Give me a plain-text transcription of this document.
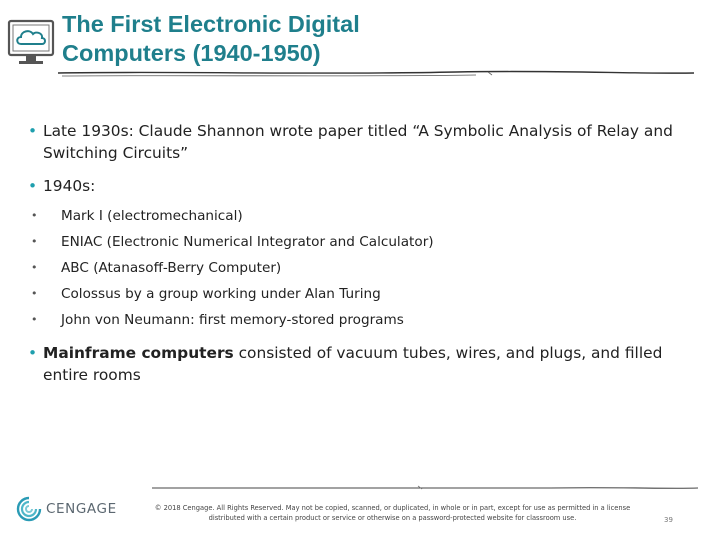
The First Electronic Digital
Computers (1940-1950)
• Late 1930s: Claude Shannon wrote paper titled “A Symbolic Analysis of Relay and Switching Circuits”
• 1940s:
• Mark I (electromechanical)
• ENIAC (Electronic Numerical Integrator and Calculator)
• ABC (Atanasoff-Berry Computer)
• Colossus by a group working under Alan Turing
• John von Neumann: first memory-stored programs
• Mainframe computers consisted of vacuum tubes, wires, and plugs, and filled entire rooms
CENGAGE	© 2018 Cengage. All Rights Reserved. May not be copied, scanned, or duplicated, in whole or in part, except for use as permitted in a license
distributed with a certain product or service or otherwise on a password-protected website for classroom use.	39
